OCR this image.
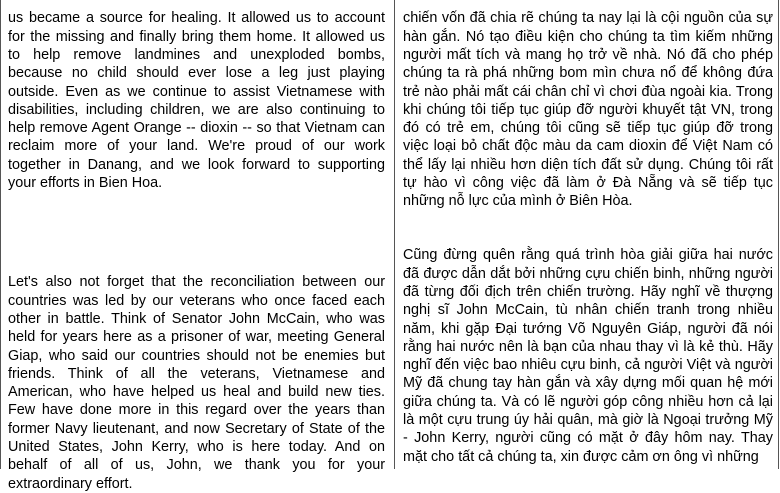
us became a source for healing. It allowed us to account for the missing and finally bring them home. It allowed us to help remove landmines and unexploded bombs, because no child should ever lose a leg just playing outside. Even as we continue to assist Vietnamese with disabilities, including children, we are also continuing to help remove Agent Orange -- dioxin -- so that Vietnam can reclaim more of your land. We're proud of our work together in Danang, and we look forward to supporting your efforts in Bien Hoa.

Let's also not forget that the reconciliation between our countries was led by our veterans who once faced each other in battle. Think of Senator John McCain, who was held for years here as a prisoner of war, meeting General Giap, who said our countries should not be enemies but friends. Think of all the veterans, Vietnamese and American, who have helped us heal and build new ties. Few have done more in this regard over the years than former Navy lieutenant, and now Secretary of State of the United States, John Kerry, who is here today. And on behalf of all of us, John, we thank you for your extraordinary effort.

chiến vốn đã chia rẽ chúng ta nay lại là cội nguồn của sự hàn gắn. Nó tạo điều kiện cho chúng ta tìm kiếm những người mất tích và mang họ trở về nhà. Nó đã cho phép chúng ta rà phá những bom mìn chưa nổ để không đứa trẻ nào phải mất cái chân chỉ vì chơi đùa ngoài kia. Trong khi chúng tôi tiếp tục giúp đỡ người khuyết tật VN, trong đó có trẻ em, chúng tôi cũng sẽ tiếp tục giúp đỡ trong việc loại bỏ chất độc màu da cam dioxin để Việt Nam có thể lấy lại nhiều hơn diện tích đất sử dụng. Chúng tôi rất tự hào vì công việc đã làm ở Đà Nẵng và sẽ tiếp tục những nỗ lực của mình ở Biên Hòa.

Cũng đừng quên rằng quá trình hòa giải giữa hai nước đã được dẫn dắt bởi những cựu chiến binh, những người đã từng đối địch trên chiến trường. Hãy nghĩ về thượng nghị sĩ John McCain, tù nhân chiến tranh trong nhiều năm, khi gặp Đại tướng Võ Nguyên Giáp, người đã nói rằng hai nước nên là bạn của nhau thay vì là kẻ thù. Hãy nghĩ đến việc bao nhiêu cựu binh, cả người Việt và người Mỹ đã chung tay hàn gắn và xây dựng mối quan hệ mới giữa chúng ta. Và có lẽ người góp công nhiều hơn cả lại là một cựu trung úy hải quân, mà giờ là Ngoại trưởng Mỹ - John Kerry, người cũng có mặt ở đây hôm nay. Thay mặt cho tất cả chúng ta, xin được cảm ơn ông vì những
